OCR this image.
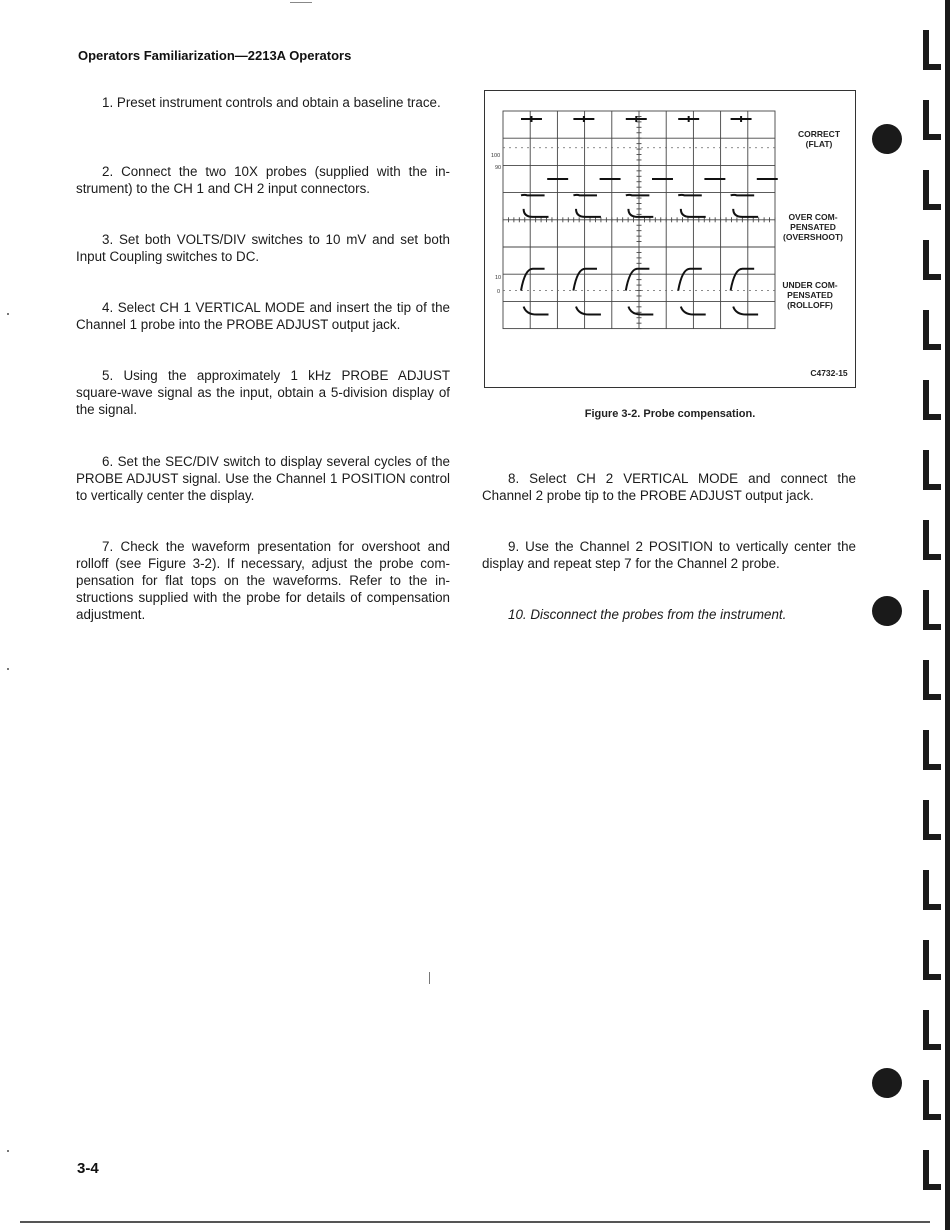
Operators Familiarization—2213A Operators
1. Preset instrument controls and obtain a baseline trace.
2. Connect the two 10X probes (supplied with the in-strument) to the CH 1 and CH 2 input connectors.
3. Set both VOLTS/DIV switches to 10 mV and set both Input Coupling switches to DC.
4. Select CH 1 VERTICAL MODE and insert the tip of the Channel 1 probe into the PROBE ADJUST output jack.
5. Using the approximately 1 kHz PROBE ADJUST square-wave signal as the input, obtain a 5-division display of the signal.
6. Set the SEC/DIV switch to display several cycles of the PROBE ADJUST signal. Use the Channel 1 POSITION control to vertically center the display.
7. Check the waveform presentation for overshoot and rolloff (see Figure 3-2). If necessary, adjust the probe com-pensation for flat tops on the waveforms. Refer to the in-structions supplied with the probe for details of compensation adjustment.
8. Select CH 2 VERTICAL MODE and connect the Channel 2 probe tip to the PROBE ADJUST output jack.
9. Use the Channel 2 POSITION to vertically center the display and repeat step 7 for the Channel 2 probe.
10. Disconnect the probes from the instrument.
100
90
10
0
CORRECT
(FLAT)
OVER COM-
PENSATED
(OVERSHOOT)
UNDER COM-
PENSATED
(ROLLOFF)
C4732-15
Figure 3-2. Probe compensation.
3-4
